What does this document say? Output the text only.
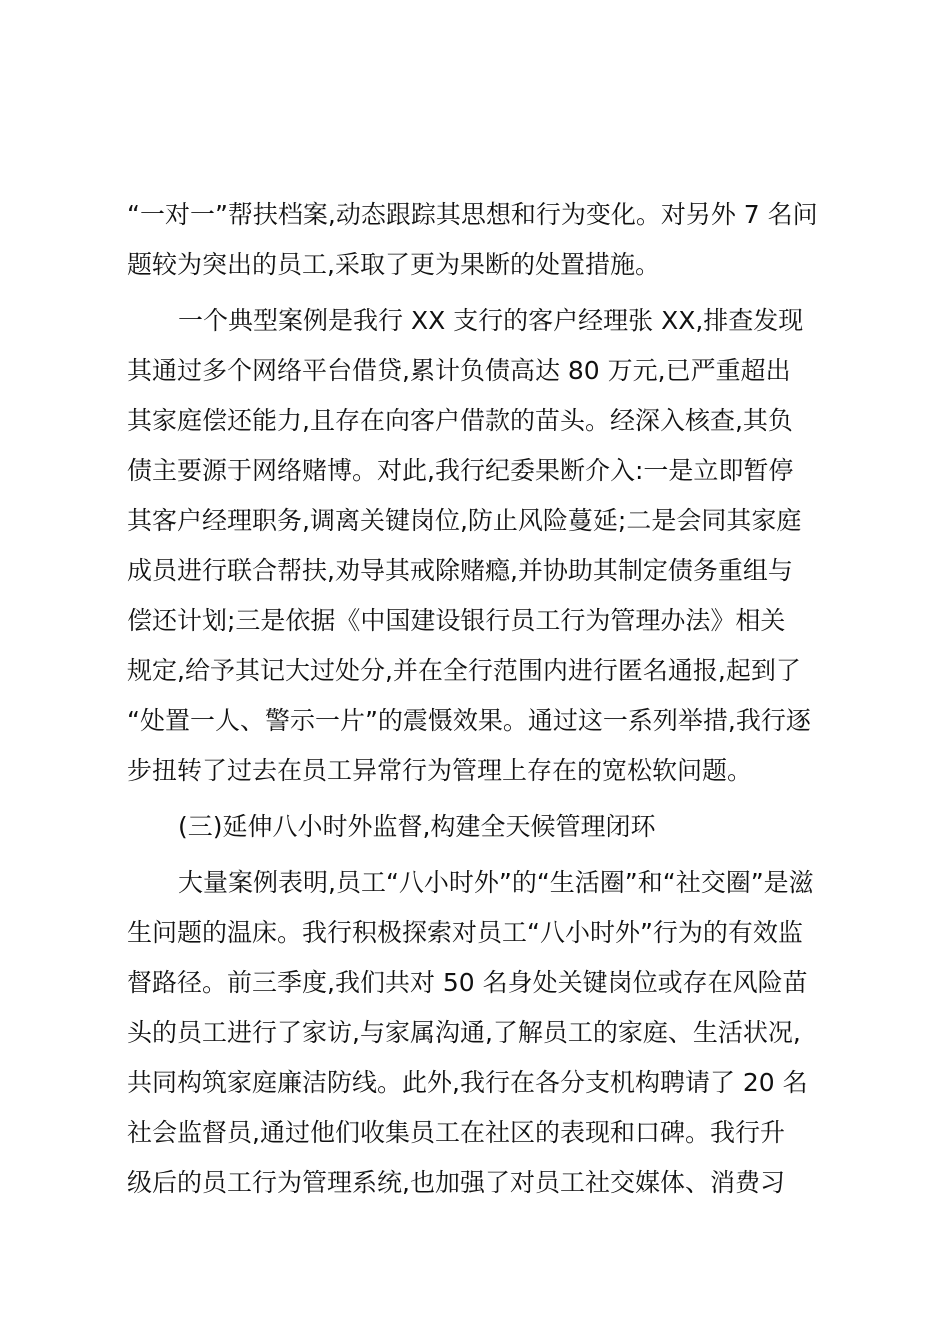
“一对一”帮扶档案,动态跟踪其思想和行为变化。对另外 7 名问
题较为突出的员工,采取了更为果断的处置措施。
一个典型案例是我行 XX 支行的客户经理张 XX,排查发现
其通过多个网络平台借贷,累计负债高达 80 万元,已严重超出
其家庭偿还能力,且存在向客户借款的苗头。经深入核查,其负
债主要源于网络赌博。对此,我行纪委果断介入:一是立即暂停
其客户经理职务,调离关键岗位,防止风险蔓延;二是会同其家庭
成员进行联合帮扶,劝导其戒除赌瘾,并协助其制定债务重组与
偿还计划;三是依据《中国建设银行员工行为管理办法》相关
规定,给予其记大过处分,并在全行范围内进行匿名通报,起到了
“处置一人、警示一片”的震慑效果。通过这一系列举措,我行逐
步扭转了过去在员工异常行为管理上存在的宽松软问题。
(三)延伸八小时外监督,构建全天候管理闭环
大量案例表明,员工“八小时外”的“生活圈”和“社交圈”是滋
生问题的温床。我行积极探索对员工“八小时外”行为的有效监
督路径。前三季度,我们共对 50 名身处关键岗位或存在风险苗
头的员工进行了家访,与家属沟通,了解员工的家庭、生活状况,
共同构筑家庭廉洁防线。此外,我行在各分支机构聘请了 20 名
社会监督员,通过他们收集员工在社区的表现和口碑。我行升
级后的员工行为管理系统,也加强了对员工社交媒体、消费习
